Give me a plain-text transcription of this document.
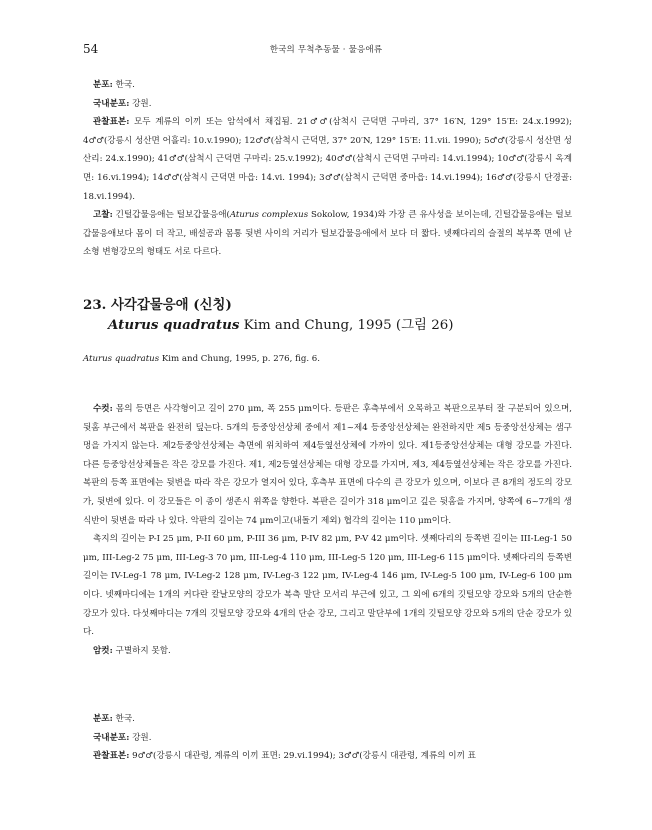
54	한국의 무척추동물 · 물응애류

분포: 한국.

국내분포: 강원.

관찰표본: 모두 계류의 이끼 또는 암석에서 채집됨. 21♂♂(삼척시 근덕면 구마리, 37° 16′N, 129° 15′E: 24.x.1992); 4♂♂(강릉시 성산면 어흘리: 10.v.1990); 12♂♂(삼척시 근덕면, 37° 20′N, 129° 15′E: 11.vii. 1990); 5♂♂(강릉시 성산면 성산리: 24.x.1990); 41♂♂(삼척시 근덕면 구마리: 25.v.1992); 40♂♂(삼척시 근덕면 구마리: 14.vi.1994); 10♂♂(강릉시 옥계면: 16.vi.1994); 14♂♂(삼척시 근덕면 마읍: 14.vi. 1994); 3♂♂(삼척시 근덕면 중마읍: 14.vi.1994); 16♂♂(강릉시 단경골: 18.vi.1994).

고찰: 긴털갑물응애는 털보갑물응애(Aturus complexus Sokolow, 1934)와 가장 큰 유사성을 보이는데, 긴털갑물응애는 털보갑물응애보다 몸이 더 작고, 배설공과 몸통 뒷변 사이의 거리가 털보갑물응애에서 보다 더 짧다. 넷째다리의 슬절의 복부쪽 면에 난 소형 변형강모의 형태도 서로 다르다.

23. 사각갑물응애 (신칭)
Aturus quadratus Kim and Chung, 1995 (그림 26)
Aturus quadratus Kim and Chung, 1995, p. 276, fig. 6.

수컷: 몸의 등면은 사각형이고 길이 270 μm, 폭 255 μm이다. 등판은 후측부에서 오목하고 복판으로부터 잘 구분되어 있으며, 뒷홈 부근에서 복판을 완전히 덮는다. 5개의 등중앙선상체 중에서 제1~제4 등중앙선상체는 완전하지만 제5 등중앙선상체는 샘구멍을 가지지 않는다. 제2등중앙선상체는 측면에 위치하여 제4등옆선상체에 가까이 있다. 제1등중앙선상체는 대형 강모를 가진다. 다른 등중앙선상체들은 작은 강모를 가진다. 제1, 제2등옆선상체는 대형 강모를 가지며, 제3, 제4등옆선상체는 작은 강모를 가진다. 복판의 등쪽 표면에는 뒷변을 따라 작은 강모가 열지어 있다, 후측부 표면에 다수의 큰 강모가 있으며, 이보다 큰 8개의 정도의 강모가, 뒷변에 있다. 이 강모들은 이 종이 생존시 위쪽을 향한다. 복판은 길이가 318 μm이고 깊은 뒷홈을 가지며, 양쪽에 6~7개의 생식반이 뒷변을 따라 나 있다. 악판의 길이는 74 μm이고(내돌기 제외) 협각의 길이는 110 μm이다.

촉지의 길이는 P-I 25 μm, P-II 60 μm, P-III 36 μm, P-IV 82 μm, P-V 42 μm이다. 셋째다리의 등쪽변 길이는 III-Leg-1 50 μm, III-Leg-2 75 μm, III-Leg-3 70 μm, III-Leg-4 110 μm, III-Leg-5 120 μm, III-Leg-6 115 μm이다. 넷째다리의 등쪽변 길이는 IV-Leg-1 78 μm, IV-Leg-2 128 μm, IV-Leg-3 122 μm, IV-Leg-4 146 μm, IV-Leg-5 100 μm, IV-Leg-6 100 μm이다. 넷째마디에는 1개의 커다란 칼날모양의 강모가 복측 말단 모서리 부근에 있고, 그 외에 6개의 깃털모양 강모와 5개의 단순한 강모가 있다. 다섯째마디는 7개의 깃털모양 강모와 4개의 단순 강모, 그리고 말단부에 1개의 깃털모양 강모와 5개의 단순 강모가 있다.

암컷: 구별하지 못함.

분포: 한국.

국내분포: 강원.

관찰표본: 9♂♂(강릉시 대관령, 계류의 이끼 표면: 29.vi.1994); 3♂♂(강릉시 대관령, 계류의 이끼 표
